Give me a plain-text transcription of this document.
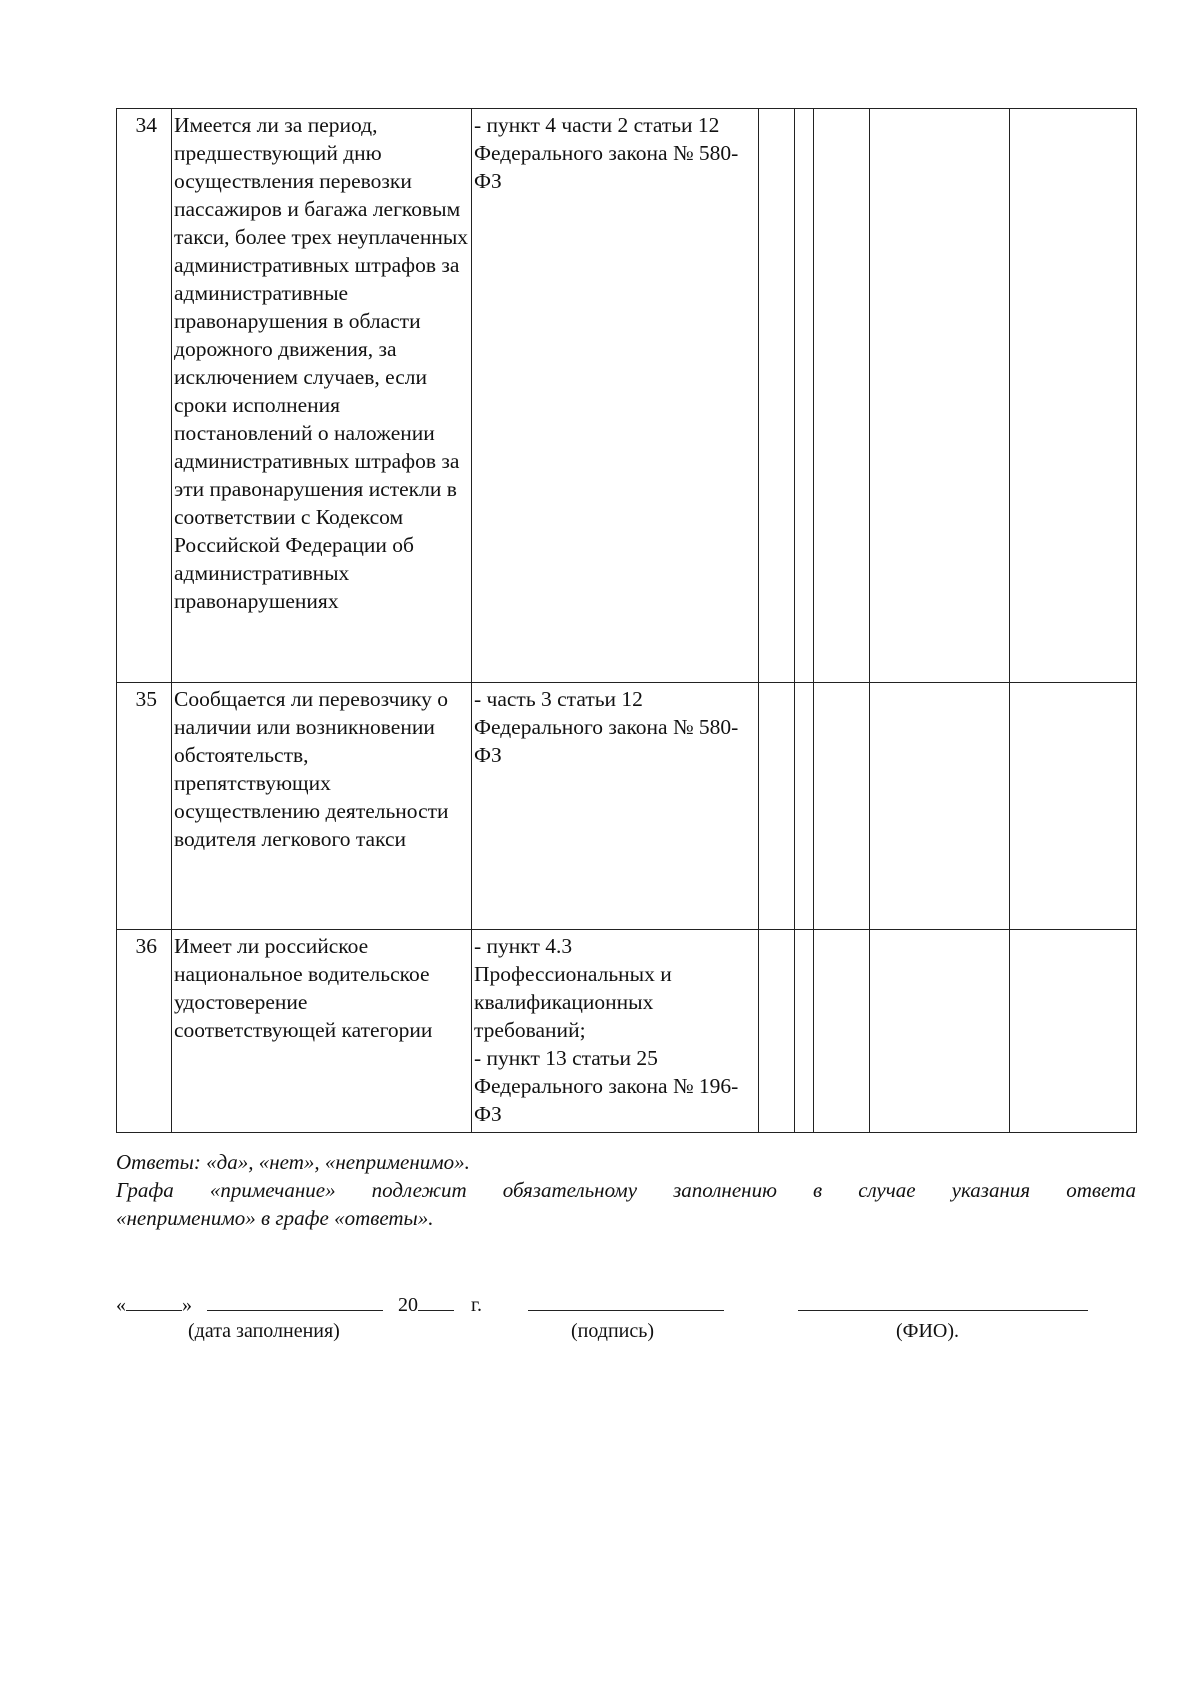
34	Имеется ли за период, предшествующий дню осуществления перевозки пассажиров и багажа легковым такси, более трех неуплаченных административных штрафов за административные правонарушения в области дорожного движения, за исключением случаев, если сроки исполнения постановлений о наложении административных штрафов за эти правонарушения истекли в соответствии с Кодексом Российской Федерации об административных правонарушениях	- пункт 4 части 2 статьи 12 Федерального закона № 580-ФЗ					

35	Сообщается ли перевозчику о наличии или возникновении обстоятельств, препятствующих осуществлению деятельности водителя легкового такси	- часть 3 статьи 12 Федерального закона № 580-ФЗ					

36	Имеет ли российское национальное водительское удостоверение соответствующей категории	- пункт 4.3 Профессиональных и квалификационных требований;
- пункт 13 статьи 25 Федерального закона № 196-ФЗ					

Ответы: «да», «нет», «неприменимо».
Графа «примечание» подлежит обязательному заполнению в случае указания ответа
«неприменимо» в графе «ответы».
«	»	20	г.
(дата заполнения)	(подпись)	(ФИО).
